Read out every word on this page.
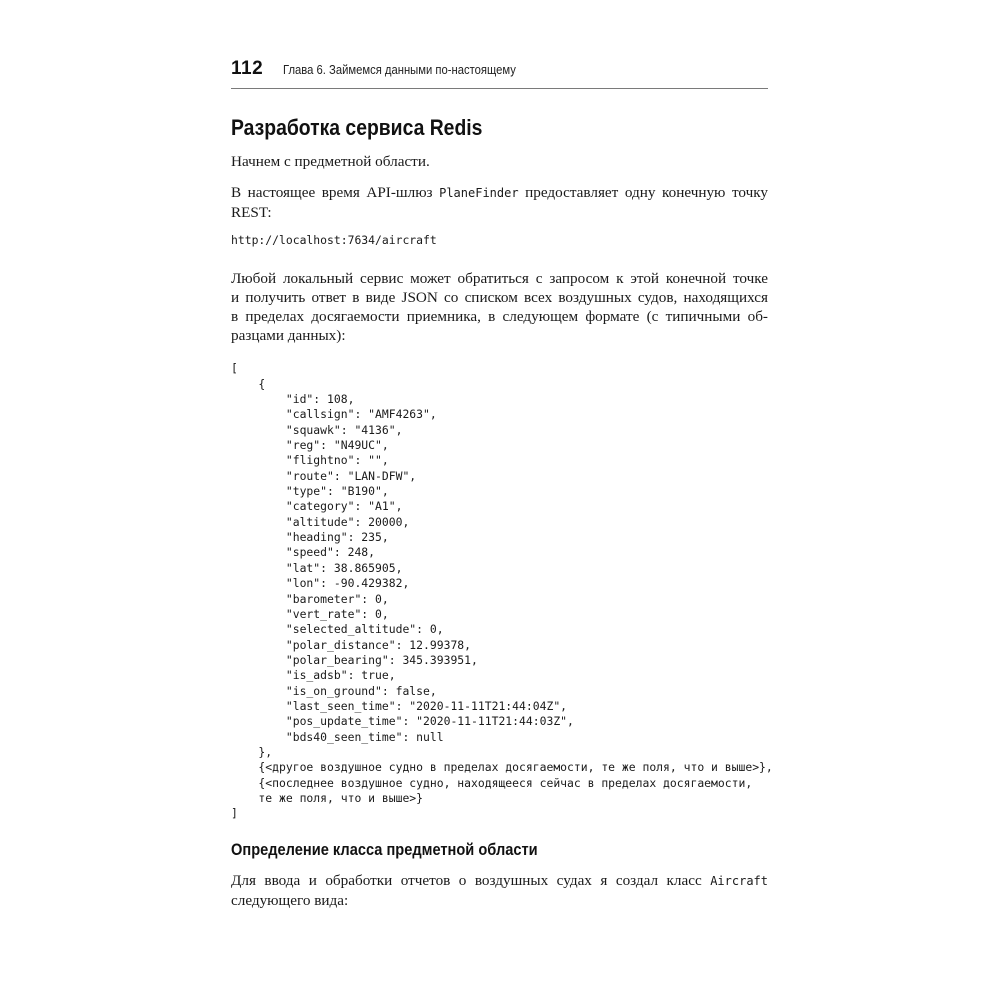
112 Глава 6. Займемся данными по-настоящему
Разработка сервиса Redis

Начнем с предметной области.

В настоящее время API-шлюз PlaneFinder предоставляет одну конечную точку
REST:

http://localhost:7634/aircraft

Любой локальный сервис может обратиться с запросом к этой конечной точке
и получить ответ в виде JSON со списком всех воздушных судов, находящихся
в пределах досягаемости приемника, в следующем формате (с типичными об-
разцами данных):

[
{
"id": 108,
"callsign": "AMF4263",
"squawk": "4136",
"reg": "N49UC",
"flightno": "",
"route": "LAN-DFW",
"type": "B190",
"category": "A1",
"altitude": 20000,
"heading": 235,
"speed": 248,
"lat": 38.865905,
"lon": -90.429382,
"barometer": 0,
"vert_rate": 0,
"selected_altitude": 0,
"polar_distance": 12.99378,
"polar_bearing": 345.393951,
"is_adsb": true,
"is_on_ground": false,
"last_seen_time": "2020-11-11T21:44:04Z",
"pos_update_time": "2020-11-11T21:44:03Z",
"bds40_seen_time": null
},
{<другое воздушное судно в пределах досягаемости, те же поля, что и выше>},
{<последнее воздушное судно, находящееся сейчас в пределах досягаемости,
те же поля, что и выше>}
]
Определение класса предметной области

Для ввода и обработки отчетов о воздушных судах я создал класс Aircraft
следующего вида:
